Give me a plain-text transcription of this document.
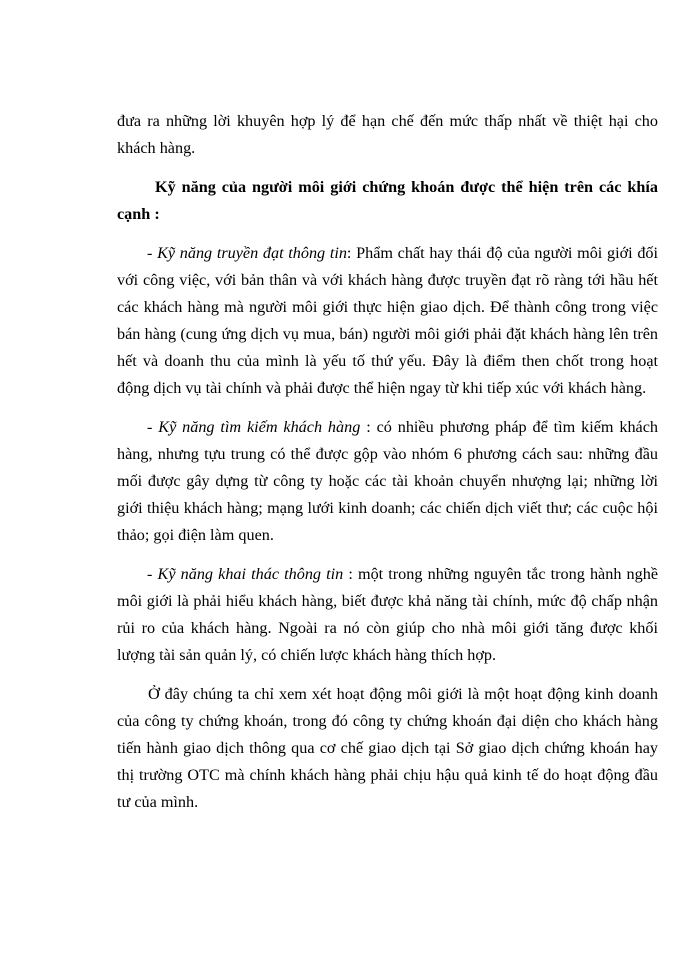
đưa ra những lời khuyên hợp lý để hạn chế đến mức thấp nhất về thiệt hại cho khách hàng.

Kỹ năng của người môi giới chứng khoán được thể hiện trên các khía cạnh :

- Kỹ năng truyền đạt thông tin: Phẩm chất hay thái độ của người môi giới đối với công việc, với bản thân và với khách hàng được truyền đạt rõ ràng tới hầu hết các khách hàng mà người môi giới thực hiện giao dịch. Để thành công trong việc bán hàng (cung ứng dịch vụ mua, bán) người môi giới phải đặt khách hàng lên trên hết và doanh thu của mình là yếu tố thứ yếu. Đây là điểm then chốt trong hoạt động dịch vụ tài chính và phải được thể hiện ngay từ khi tiếp xúc với khách hàng.

- Kỹ năng tìm kiếm khách hàng : có nhiều phương pháp để tìm kiếm khách hàng, nhưng tựu trung có thể được gộp vào nhóm 6 phương cách sau: những đầu mối được gây dựng từ công ty hoặc các tài khoản chuyển nhượng lại; những lời giới thiệu khách hàng; mạng lưới kinh doanh; các chiến dịch viết thư; các cuộc hội thảo; gọi điện làm quen.

- Kỹ năng khai thác thông tin : một trong những nguyên tắc trong hành nghề môi giới là phải hiểu khách hàng, biết được khả năng tài chính, mức độ chấp nhận rủi ro của khách hàng. Ngoài ra nó còn giúp cho nhà môi giới tăng được khối lượng tài sản quản lý, có chiến lược khách hàng thích hợp.

Ở đây chúng ta chỉ xem xét hoạt động môi giới là một hoạt động kinh doanh của công ty chứng khoán, trong đó công ty chứng khoán đại diện cho khách hàng tiến hành giao dịch thông qua cơ chế giao dịch tại Sở giao dịch chứng khoán hay thị trường OTC mà chính khách hàng phải chịu hậu quả kinh tế do hoạt động đầu tư của mình.
